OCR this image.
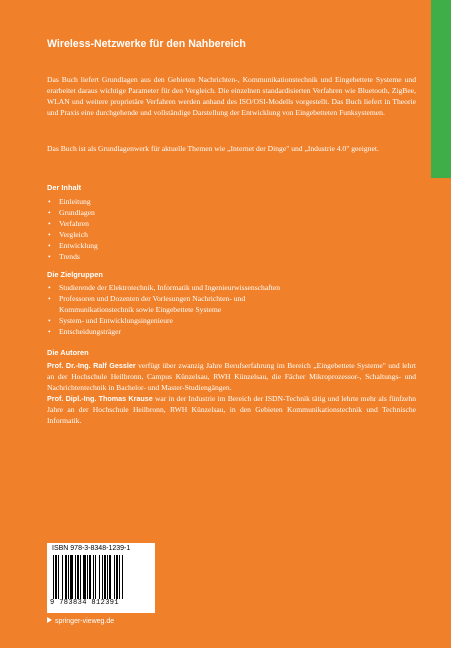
Wireless-Netzwerke für den Nahbereich
Das Buch liefert Grundlagen aus den Gebieten Nachrichten-, Kommunikationstechnik und Eingebettete Systeme und erarbeitet daraus wichtige Parameter für den Vergleich. Die einzelnen standardisierten Verfahren wie Bluetooth, ZigBee, WLAN und weitere proprietäre Verfahren werden anhand des ISO/OSI-Modells vorgestellt. Das Buch liefert in Theorie und Praxis eine durchgehende und vollständige Darstellung der Entwicklung von Eingebetteten Funksystemen.
Das Buch ist als Grundlagenwerk für aktuelle Themen wie „Internet der Dinge" und „Industrie 4.0" geeignet.
Der Inhalt
• Einleitung
• Grundlagen
• Verfahren
• Vergleich
• Entwicklung
• Trends
Die Zielgruppen
• Studierende der Elektrotechnik, Informatik und Ingenieurwissenschaften
• Professoren und Dozenten der Vorlesungen Nachrichten- und Kommunikationstechnik sowie Eingebettete Systeme
• System- und Entwicklungsingenieure
• Entscheidungsträger
Die Autoren

Prof. Dr.-Ing. Ralf Gessler verfügt über zwanzig Jahre Berufserfahrung im Bereich „Eingebettete Systeme" und lehrt an der Hochschule Heilbronn, Campus Künzelsau, RWH Künzelsau, die Fächer Mikroprozessor-, Schaltungs- und Nachrichtentechnik in Bachelor- und Master-Studiengängen.

Prof. Dipl.-Ing. Thomas Krause war in der Industrie im Bereich der ISDN-Technik tätig und lehrte mehr als fünfzehn Jahre an der Hochschule Heilbronn, RWH Künzelsau, in den Gebieten Kommunikationstechnik und Technische Informatik.

ISBN 978-3-8348-1239-1
9 783834 812391
springer-vieweg.de
